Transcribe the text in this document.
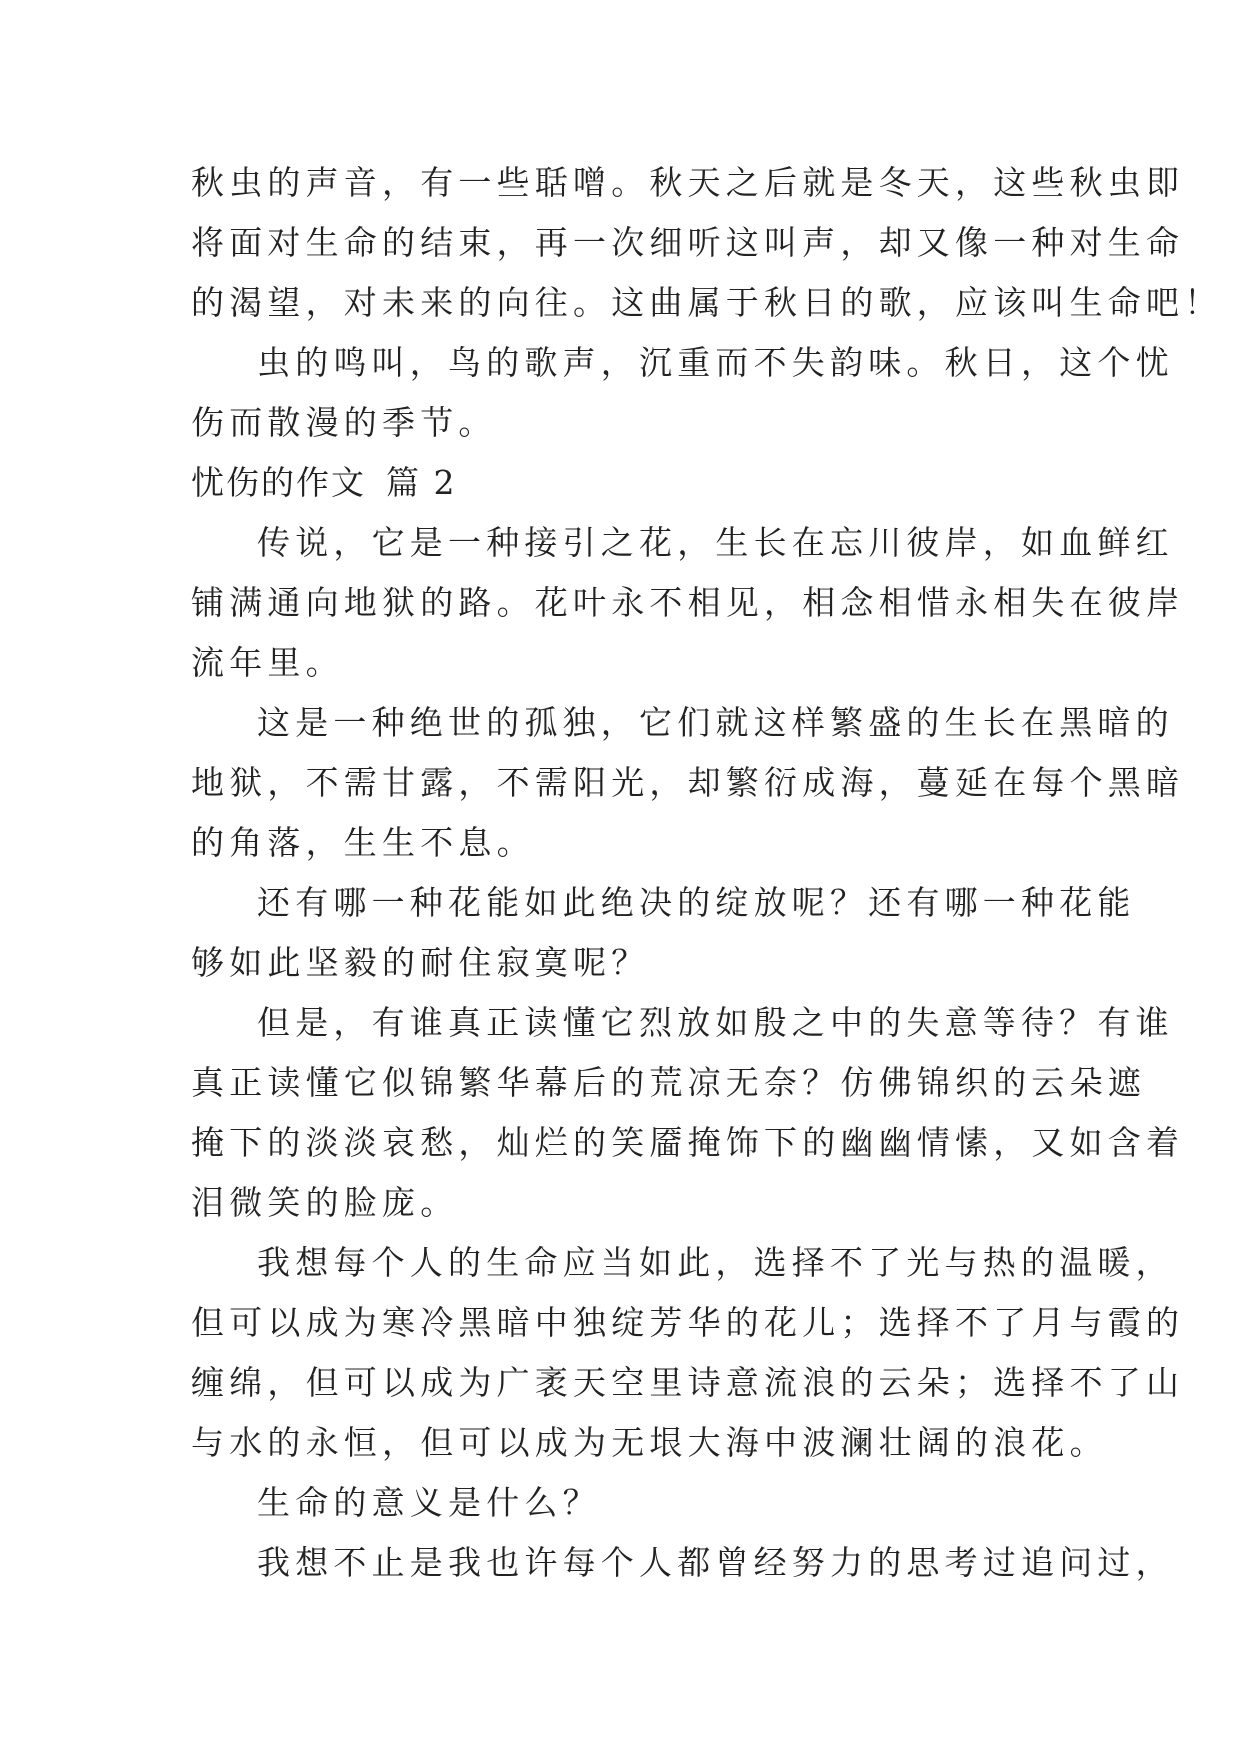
秋虫的声音，有一些聒噌。秋天之后就是冬天，这些秋虫即
将面对生命的结束，再一次细听这叫声，却又像一种对生命
的渴望，对未来的向往。这曲属于秋日的歌，应该叫生命吧！
虫的鸣叫，鸟的歌声，沉重而不失韵味。秋日，这个忧
伤而散漫的季节。
忧伤的作文 篇 2
传说，它是一种接引之花，生长在忘川彼岸，如血鲜红
铺满通向地狱的路。花叶永不相见，相念相惜永相失在彼岸
流年里。
这是一种绝世的孤独，它们就这样繁盛的生长在黑暗的
地狱，不需甘露，不需阳光，却繁衍成海，蔓延在每个黑暗
的角落，生生不息。
还有哪一种花能如此绝决的绽放呢？还有哪一种花能
够如此坚毅的耐住寂寞呢？
但是，有谁真正读懂它烈放如殷之中的失意等待？有谁
真正读懂它似锦繁华幕后的荒凉无奈？仿佛锦织的云朵遮
掩下的淡淡哀愁，灿烂的笑靥掩饰下的幽幽情愫，又如含着
泪微笑的脸庞。
我想每个人的生命应当如此，选择不了光与热的温暖，
但可以成为寒冷黑暗中独绽芳华的花儿；选择不了月与霞的
缠绵，但可以成为广袤天空里诗意流浪的云朵；选择不了山
与水的永恒，但可以成为无垠大海中波澜壮阔的浪花。
生命的意义是什么？
我想不止是我也许每个人都曾经努力的思考过追问过，
